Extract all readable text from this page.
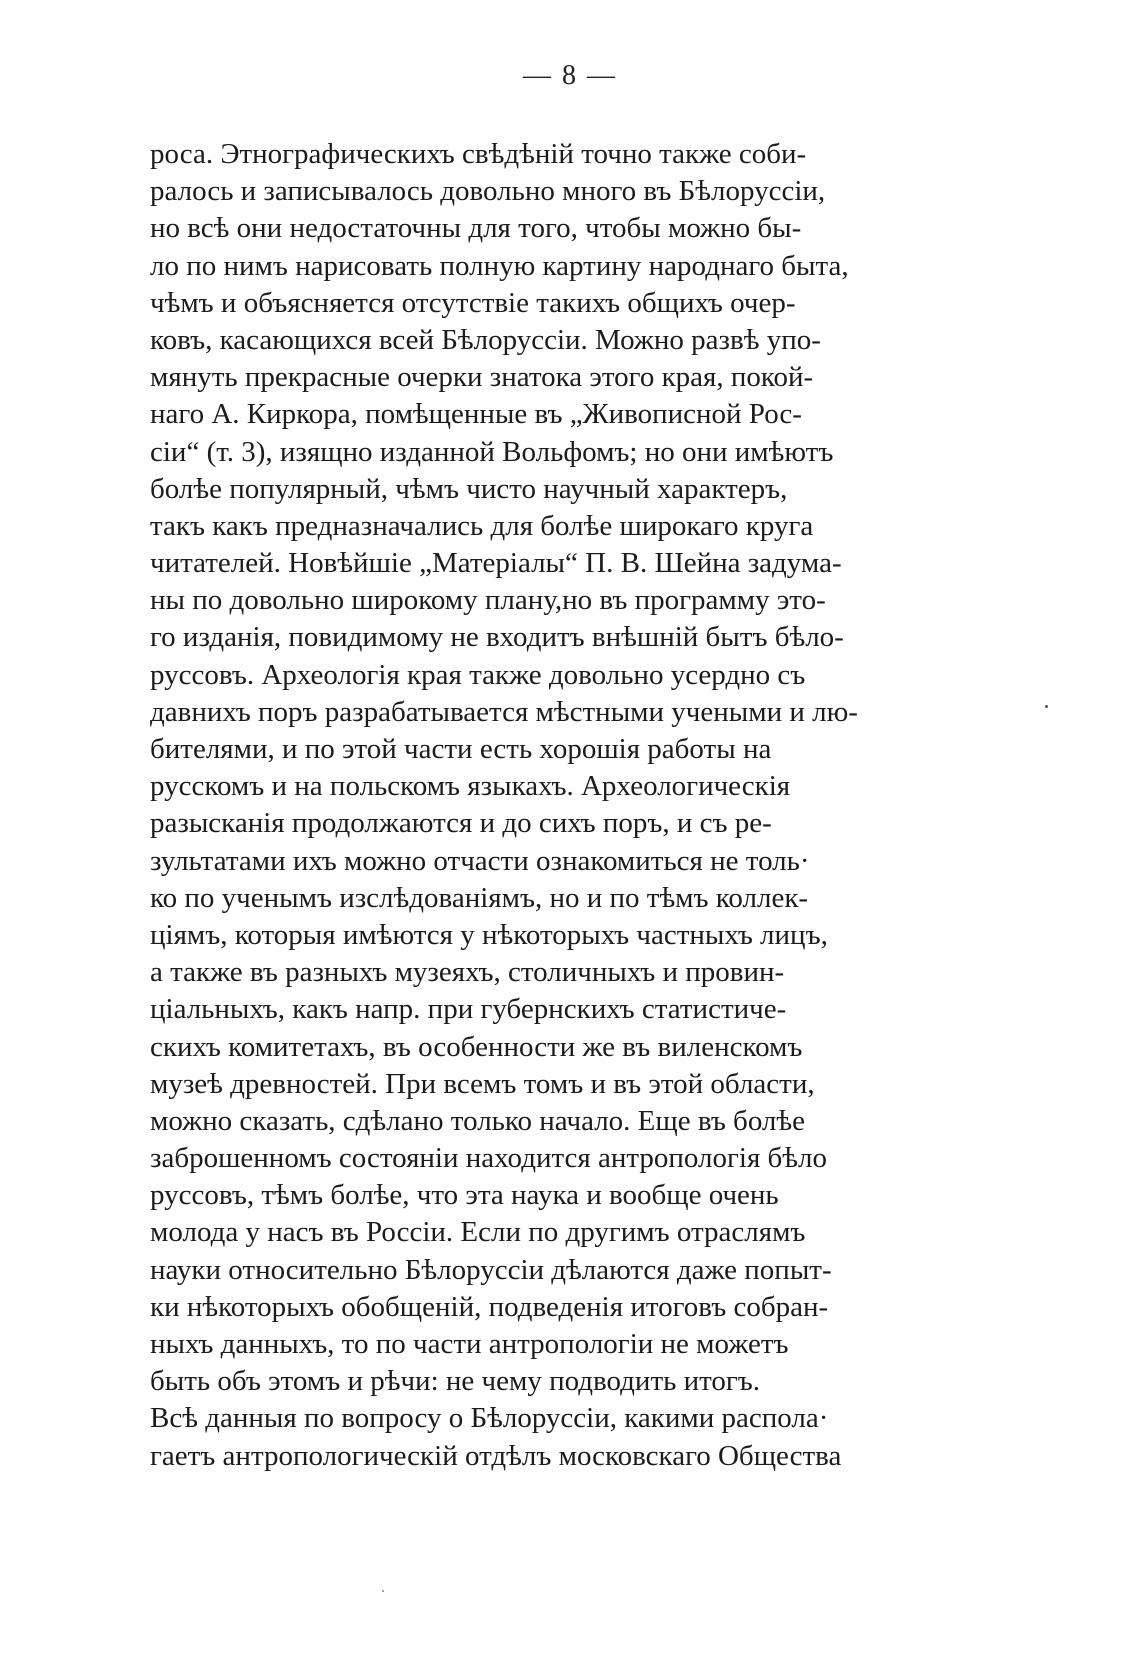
— 8 —
роса. Этнографическихъ свѣдѣній точно также соби-
ралось и записывалось довольно много въ Бѣлоруссіи,
но всѣ они недостаточны для того, чтобы можно бы-
ло по нимъ нарисовать полную картину народнаго быта,
чѣмъ и объясняется отсутствіе такихъ общихъ очер-
ковъ, касающихся всей Бѣлоруссіи. Можно развѣ упо-
мянуть прекрасные очерки знатока этого края, покой-
наго А. Киркора, помѣщенные въ „Живописной Рос-
сіи“ (т. 3), изящно изданной Вольфомъ; но они имѣютъ
болѣе популярный, чѣмъ чисто научный характеръ,
такъ какъ предназначались для болѣе широкаго круга
читателей. Новѣйшіе „Матеріалы“ П. В. Шейна задума-
ны по довольно широкому плану,но въ программу это-
го изданія, повидимому не входитъ внѣшній бытъ бѣло-
руссовъ. Археологія края также довольно усердно съ
давнихъ поръ разрабатывается мѣстными учеными и лю-
бителями, и по этой части есть хорошія работы на
русскомъ и на польскомъ языкахъ. Археологическія
разысканія продолжаются и до сихъ поръ, и съ ре-
зультатами ихъ можно отчасти ознакомиться не толь·
ко по ученымъ изслѣдованіямъ, но и по тѣмъ коллек-
ціямъ, которыя имѣются у нѣкоторыхъ частныхъ лицъ,
а также въ разныхъ музеяхъ, столичныхъ и провин-
ціальныхъ, какъ напр. при губернскихъ статистиче-
скихъ комитетахъ, въ особенности же въ виленскомъ
музеѣ древностей. При всемъ томъ и въ этой области,
можно сказать, сдѣлано только начало. Еще въ болѣе
заброшенномъ состояніи находится антропологія бѣло
руссовъ, тѣмъ болѣе, что эта наука и вообще очень
молода у насъ въ Россіи. Если по другимъ отраслямъ
науки относительно Бѣлоруссіи дѣлаются даже попыт-
ки нѣкоторыхъ обобщеній, подведенія итоговъ собран-
ныхъ данныхъ, то по части антропологіи не можетъ
быть объ этомъ и рѣчи: не чему подводить итогъ.
Всѣ данныя по вопросу о Бѣлоруссіи, какими распола·
гаетъ антропологическій отдѣлъ московскаго Общества
